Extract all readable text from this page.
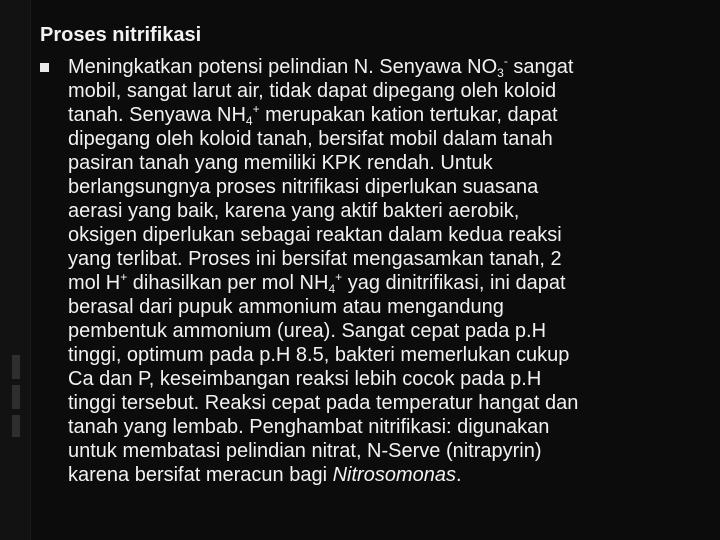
Proses nitrifikasi
Meningkatkan potensi pelindian N. Senyawa $NO_3^-$ sangat
mobil, sangat larut air, tidak dapat dipegang oleh koloid
tanah. Senyawa $NH_4^+$ merupakan kation tertukar, dapat
dipegang oleh koloid tanah, bersifat mobil dalam tanah
pasiran tanah yang memiliki KPK rendah. Untuk
berlangsungnya proses nitrifikasi diperlukan suasana
aerasi yang baik, karena yang aktif bakteri aerobik,
oksigen diperlukan sebagai reaktan dalam kedua reaksi
yang terlibat. Proses ini bersifat mengasamkan tanah, 2
mol H+ dihasilkan per mol $NH_4^+$ yag dinitrifikasi, ini dapat
berasal dari pupuk ammonium atau mengandung
pembentuk ammonium (urea). Sangat cepat pada p.H
tinggi, optimum pada p.H 8.5, bakteri memerlukan cukup
Ca dan P, keseimbangan reaksi lebih cocok pada p.H
tinggi tersebut. Reaksi cepat pada temperatur hangat dan
tanah yang lembab. Penghambat nitrifikasi: digunakan
untuk membatasi pelindian nitrat, N-Serve (nitrapyrin)
karena bersifat meracun bagi Nitrosomonas.
